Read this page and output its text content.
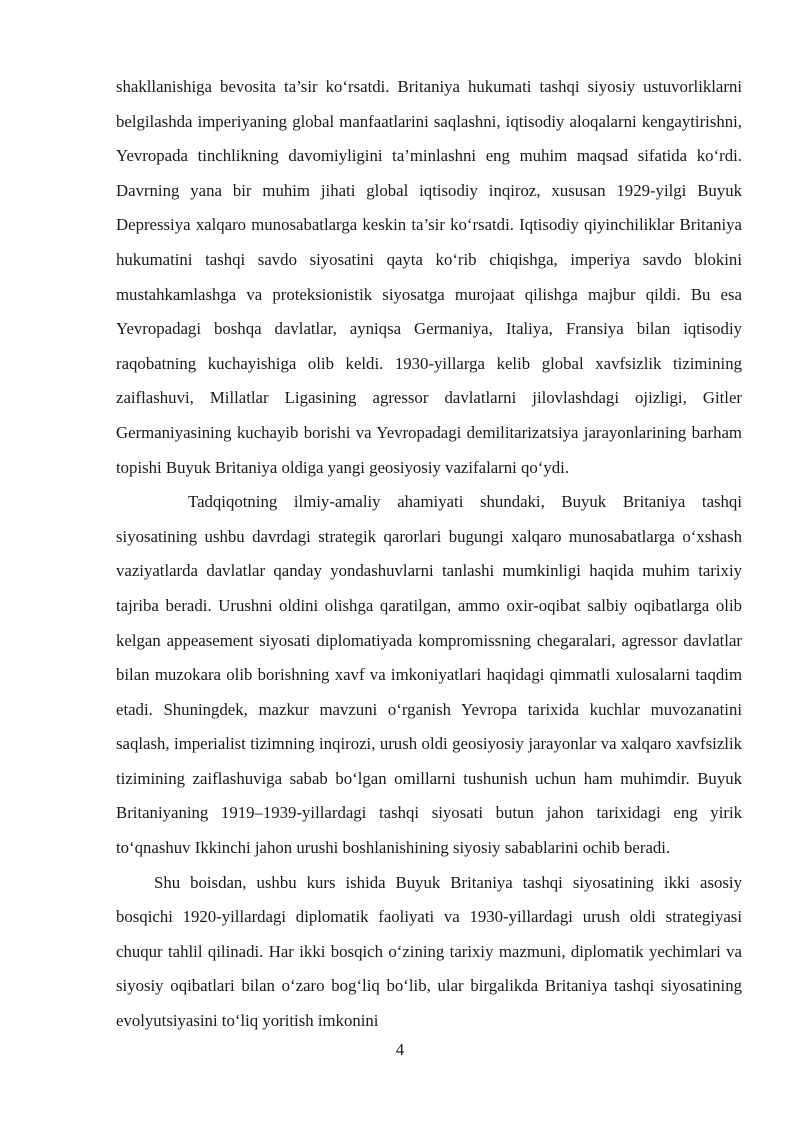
shakllanishiga bevosita ta’sir ko‘rsatdi. Britaniya hukumati tashqi siyosiy ustuvorliklarni belgilashda imperiyaning global manfaatlarini saqlashni, iqtisodiy aloqalarni kengaytirishni, Yevropada tinchlikning davomiyligini ta’minlashni eng muhim maqsad sifatida ko‘rdi. Davrning yana bir muhim jihati global iqtisodiy inqiroz, xususan 1929-yilgi Buyuk Depressiya xalqaro munosabatlarga keskin ta’sir ko‘rsatdi. Iqtisodiy qiyinchiliklar Britaniya hukumatini tashqi savdo siyosatini qayta ko‘rib chiqishga, imperiya savdo blokini mustahkamlashga va proteksionistik siyosatga murojaat qilishga majbur qildi. Bu esa Yevropadagi boshqa davlatlar, ayniqsa Germaniya, Italiya, Fransiya bilan iqtisodiy raqobatning kuchayishiga olib keldi. 1930-yillarga kelib global xavfsizlik tizimining zaiflashuvi, Millatlar Ligasining agressor davlatlarni jilovlashdagi ojizligi, Gitler Germaniyasining kuchayib borishi va Yevropadagi demilitarizatsiya jarayonlarining barham topishi Buyuk Britaniya oldiga yangi geosiyosiy vazifalarni qo‘ydi.

Tadqiqotning ilmiy-amaliy ahamiyati shundaki, Buyuk Britaniya tashqi siyosatining ushbu davrdagi strategik qarorlari bugungi xalqaro munosabatlarga o‘xshash vaziyatlarda davlatlar qanday yondashuvlarni tanlashi mumkinligi haqida muhim tarixiy tajriba beradi. Urushni oldini olishga qaratilgan, ammo oxir-oqibat salbiy oqibatlarga olib kelgan appeasement siyosati diplomatiyada kompromissning chegaralari, agressor davlatlar bilan muzokara olib borishning xavf va imkoniyatlari haqidagi qimmatli xulosalarni taqdim etadi. Shuningdek, mazkur mavzuni o‘rganish Yevropa tarixida kuchlar muvozanatini saqlash, imperialist tizimning inqirozi, urush oldi geosiyosiy jarayonlar va xalqaro xavfsizlik tizimining zaiflashuviga sabab bo‘lgan omillarni tushunish uchun ham muhimdir. Buyuk Britaniyaning 1919–1939-yillardagi tashqi siyosati butun jahon tarixidagi eng yirik to‘qnashuv Ikkinchi jahon urushi boshlanishining siyosiy sabablarini ochib beradi.

Shu boisdan, ushbu kurs ishida Buyuk Britaniya tashqi siyosatining ikki asosiy bosqichi 1920-yillardagi diplomatik faoliyati va 1930-yillardagi urush oldi strategiyasi chuqur tahlil qilinadi. Har ikki bosqich o‘zining tarixiy mazmuni, diplomatik yechimlari va siyosiy oqibatlari bilan o‘zaro bog‘liq bo‘lib, ular birgalikda Britaniya tashqi siyosatining evolyutsiyasini to‘liq yoritish imkonini

4
